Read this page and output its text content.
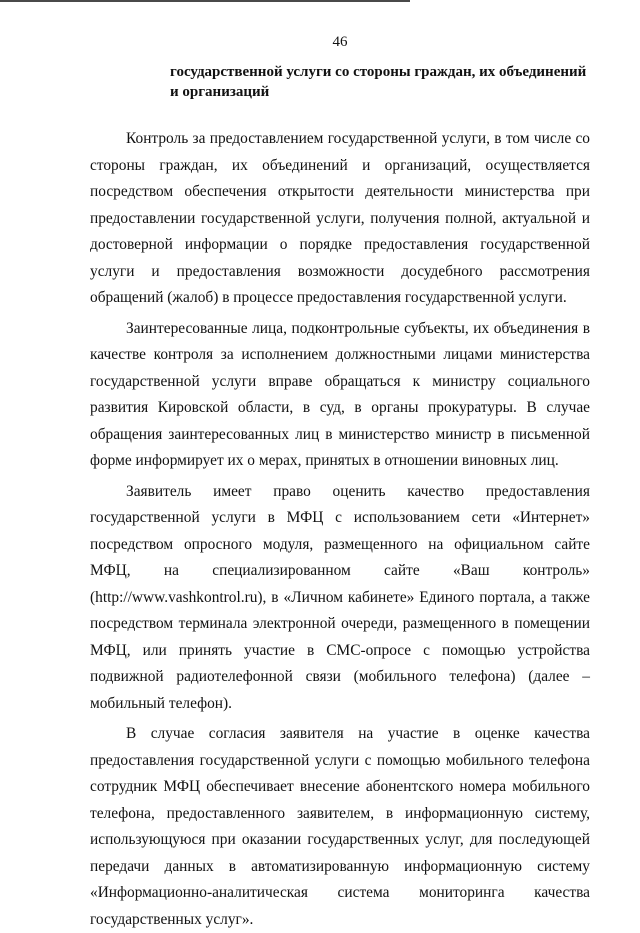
46
государственной услуги со стороны граждан, их объединений и организаций

Контроль за предоставлением государственной услуги, в том числе со стороны граждан, их объединений и организаций, осуществляется посредством обеспечения открытости деятельности министерства при предоставлении государственной услуги, получения полной, актуальной и достоверной информации о порядке предоставления государственной услуги и предоставления возможности досудебного рассмотрения обращений (жалоб) в процессе предоставления государственной услуги.

Заинтересованные лица, подконтрольные субъекты, их объединения в качестве контроля за исполнением должностными лицами министерства государственной услуги вправе обращаться к министру социального развития Кировской области, в суд, в органы прокуратуры. В случае обращения заинтересованных лиц в министерство министр в письменной форме информирует их о мерах, принятых в отношении виновных лиц.

Заявитель имеет право оценить качество предоставления государственной услуги в МФЦ с использованием сети «Интернет» посредством опросного модуля, размещенного на официальном сайте МФЦ, на специализированном сайте «Ваш контроль» (http://www.vashkontrol.ru), в «Личном кабинете» Единого портала, а также посредством терминала электронной очереди, размещенного в помещении МФЦ, или принять участие в СМС-опросе с помощью устройства подвижной радиотелефонной связи (мобильного телефона) (далее – мобильный телефон).

В случае согласия заявителя на участие в оценке качества предоставления государственной услуги с помощью мобильного телефона сотрудник МФЦ обеспечивает внесение абонентского номера мобильного телефона, предоставленного заявителем, в информационную систему, использующуюся при оказании государственных услуг, для последующей передачи данных в автоматизированную информационную систему «Информационно-аналитическая система мониторинга качества государственных услуг».
